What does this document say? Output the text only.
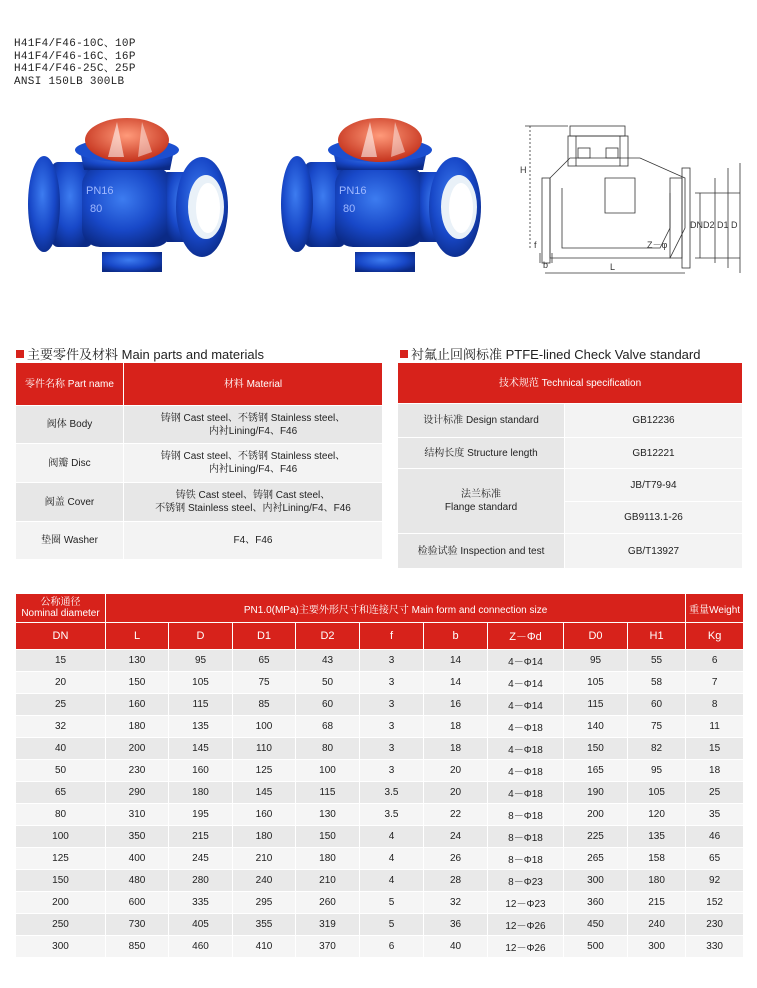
H41F4/F46-10C、10P
H41F4/F46-16C、16P
H41F4/F46-25C、25P
ANSI 150LB 300LB
PN16
80
PN16
80
H
DN D2 D1 D
f
b	L
Z－φ
主要零件及材料 Main parts and materials
零件名称 Part name	材料 Material
阀体 Body	铸钢 Cast steel、不锈钢 Stainless steel、
内衬Lining/F4、F46

阀瓣 Disc	铸钢 Cast steel、不锈钢 Stainless steel、
内衬Lining/F4、F46

阀盖 Cover	铸铁 Cast steel、铸钢 Cast steel、
不锈钢 Stainless steel、内衬Lining/F4、F46

垫圈 Washer	F4、F46
衬氟止回阀标准 PTFE-lined Check Valve standard
技术规范 Technical specification	
设计标准 Design standard	GB12236
结构长度 Structure length	GB12221

法兰标准
Flange standard	JB/T79-94
	GB9113.1-26
检验试验 Inspection and test	GB/T13927
公称通径
Nominal diameter	PN1.0(MPa)主要外形尺寸和连接尺寸 Main form and connection size									重量Weight
DN	L	D	D1	D2	f	b	Z－Φd	D0	H1	Kg
15	130	95	65	43	3	14	4－Φ14	95	55	6
20	150	105	75	50	3	14	4－Φ14	105	58	7
25	160	115	85	60	3	16	4－Φ14	115	60	8
32	180	135	100	68	3	18	4－Φ18	140	75	11
40	200	145	110	80	3	18	4－Φ18	150	82	15
50	230	160	125	100	3	20	4－Φ18	165	95	18
65	290	180	145	115	3.5	20	4－Φ18	190	105	25
80	310	195	160	130	3.5	22	8－Φ18	200	120	35
100	350	215	180	150	4	24	8－Φ18	225	135	46
125	400	245	210	180	4	26	8－Φ18	265	158	65
150	480	280	240	210	4	28	8－Φ23	300	180	92
200	600	335	295	260	5	32	12－Φ23	360	215	152
250	730	405	355	319	5	36	12－Φ26	450	240	230
300	850	460	410	370	6	40	12－Φ26	500	300	330
